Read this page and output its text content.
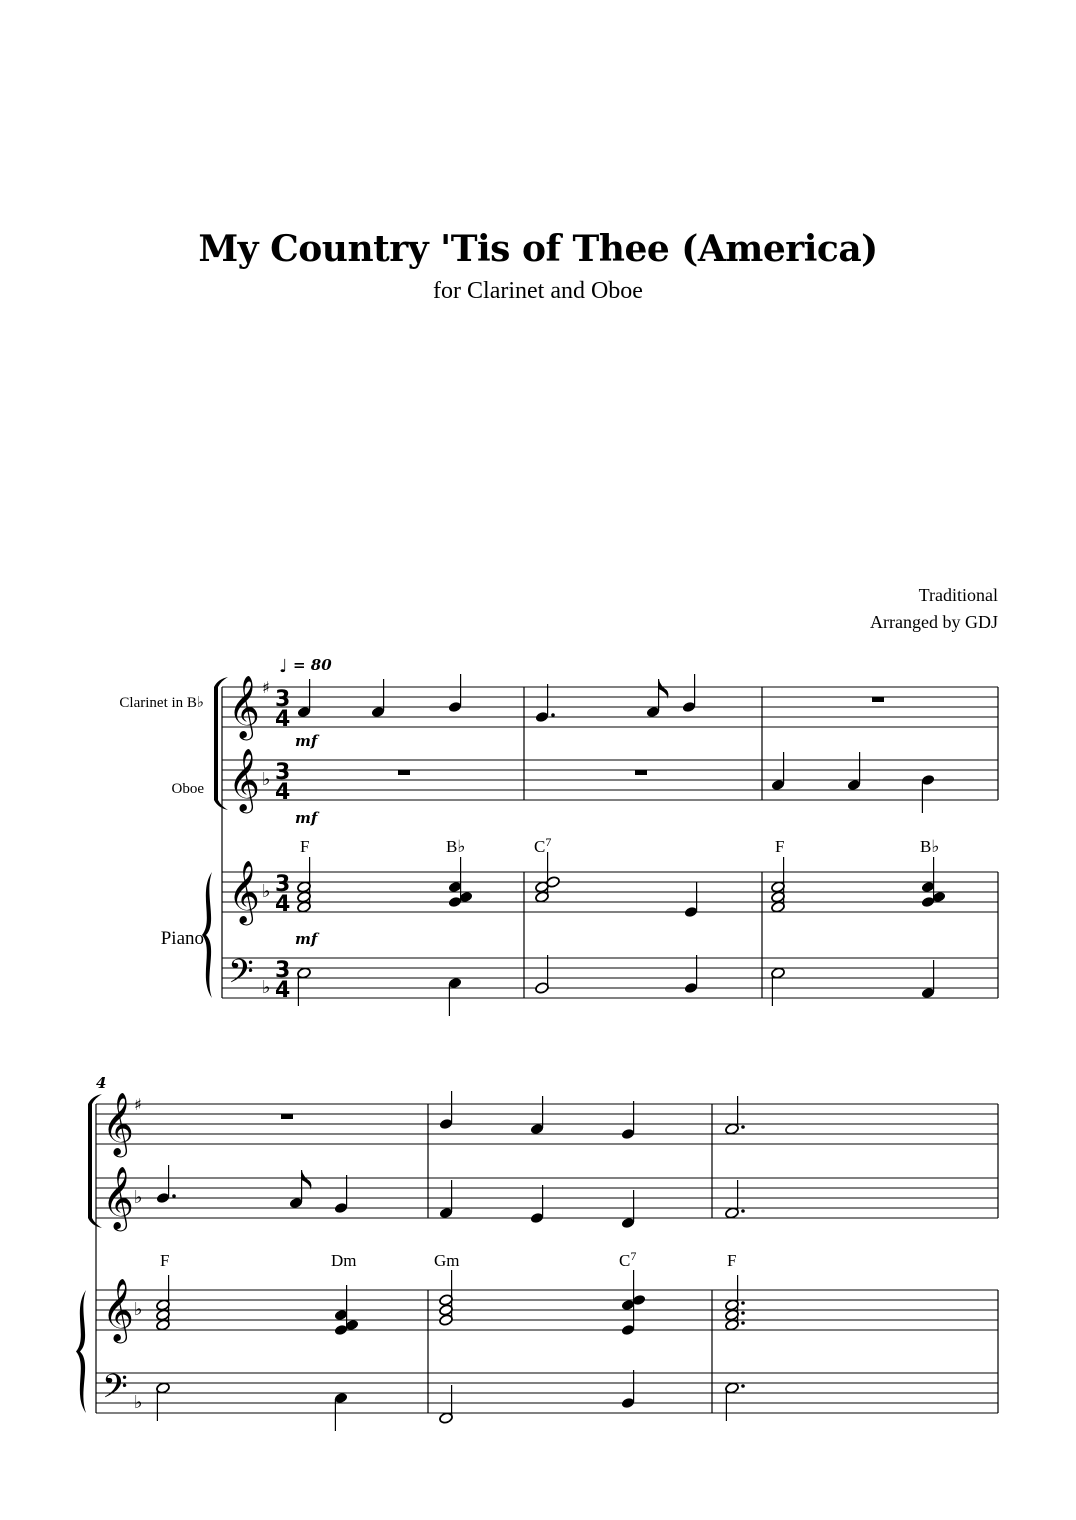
My Country 'Tis of Thee (America)
for Clarinet and Oboe
Traditional
Arranged by GDJ
Clarinet in B♭
Oboe
Piano
♩ = 80
𝄞 ♯ 3
4
𝄞 ♭ 3
4
𝄞 ♭ 3
4
𝄢 ♭
3
4
mf
mf
mf
F	B♭	$C^7$	F	B♭
4
𝄞 ♯
𝄞 ♭
𝄞 ♭
𝄢 ♭
F	Dm	Gm	$C^7$	F
